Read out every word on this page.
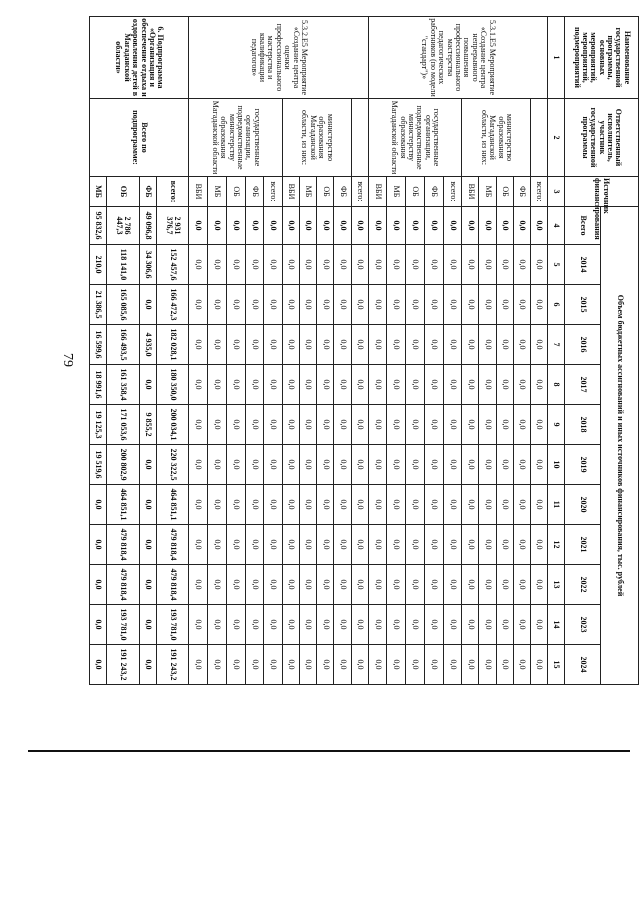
79
Наименование государственной программы, основных мероприятий, мероприятий, подмероприятий	Ответственный исполнитель, участник государственной программы	Источник финансирования	Объем бюджетных ассигнований и иных источников финансирования, тыс. рублей											
			Всего	2014	2015	2016	2017	2018	2019	2020	2021	2022	2023	2024
1	2	3	4	5	6	7	8	9	10	11	12	13	14	15
5.3.1.Е5 Мероприятие «Создание центра непрерывного повышения профессионального мастерства педагогических работников (по модели "стандарт")»		всего:	0,0	0,0	0,0	0,0	0,0	0,0	0,0	0,0	0,0	0,0	0,0	0,0
	министерство образования Магаданской области, из них:	ФБ	0,0	0,0	0,0	0,0	0,0	0,0	0,0	0,0	0,0	0,0	0,0	0,0
		ОБ	0,0	0,0	0,0	0,0	0,0	0,0	0,0	0,0	0,0	0,0	0,0	0,0
		МБ	0,0	0,0	0,0	0,0	0,0	0,0	0,0	0,0	0,0	0,0	0,0	0,0
		ВБИ	0,0	0,0	0,0	0,0	0,0	0,0	0,0	0,0	0,0	0,0	0,0	0,0
	государственные организации, подведомственные министерству образования Магаданской области	всего:	0,0	0,0	0,0	0,0	0,0	0,0	0,0	0,0	0,0	0,0	0,0	0,0
		ФБ	0,0	0,0	0,0	0,0	0,0	0,0	0,0	0,0	0,0	0,0	0,0	0,0
		ОБ	0,0	0,0	0,0	0,0	0,0	0,0	0,0	0,0	0,0	0,0	0,0	0,0
		МБ	0,0	0,0	0,0	0,0	0,0	0,0	0,0	0,0	0,0	0,0	0,0	0,0
		ВБИ	0,0	0,0	0,0	0,0	0,0	0,0	0,0	0,0	0,0	0,0	0,0	0,0
5.3.2.Е5 Мероприятие «Создание центра оценки профессионального мастерства и квалификации педагогов»		всего:	0,0	0,0	0,0	0,0	0,0	0,0	0,0	0,0	0,0	0,0	0,0	0,0
	министерство образования Магаданской области, из них:	ФБ	0,0	0,0	0,0	0,0	0,0	0,0	0,0	0,0	0,0	0,0	0,0	0,0
		ОБ	0,0	0,0	0,0	0,0	0,0	0,0	0,0	0,0	0,0	0,0	0,0	0,0
		МБ	0,0	0,0	0,0	0,0	0,0	0,0	0,0	0,0	0,0	0,0	0,0	0,0
		ВБИ	0,0	0,0	0,0	0,0	0,0	0,0	0,0	0,0	0,0	0,0	0,0	0,0
	государственные организации, подведомственные министерству образования Магаданской области	всего:	0,0	0,0	0,0	0,0	0,0	0,0	0,0	0,0	0,0	0,0	0,0	0,0
		ФБ	0,0	0,0	0,0	0,0	0,0	0,0	0,0	0,0	0,0	0,0	0,0	0,0
		ОБ	0,0	0,0	0,0	0,0	0,0	0,0	0,0	0,0	0,0	0,0	0,0	0,0
		МБ	0,0	0,0	0,0	0,0	0,0	0,0	0,0	0,0	0,0	0,0	0,0	0,0
		ВБИ	0,0	0,0	0,0	0,0	0,0	0,0	0,0	0,0	0,0	0,0	0,0	0,0
6. Подпрограмма «Организация и обеспечение отдыха и оздоровления детей в Магаданской области»	Всего по подпрограмме:	всего:	2 931 376,7	152 457,6	166 472,3	182 028,1	180 350,0	200 034,1	220 322,5	464 851,1	479 818,4	479 818,4	193 781,0	191 243,2
		ФБ	49 096,8	34 306,6	0,0	4 935,0	0,0	9 855,2	0,0	0,0	0,0	0,0	0,0	0,0
		ОБ	2 786 447,3	118 141,0	165 085,6	166 493,5	161 358,4	171 053,6	200 802,9	464 851,1	479 818,4	479 818,4	193 781,0	191 243,2
		МБ	95 832,6	210,0	21 386,5	16 599,6	18 991,6	19 125,3	19 519,6	0,0	0,0	0,0	0,0	0,0
